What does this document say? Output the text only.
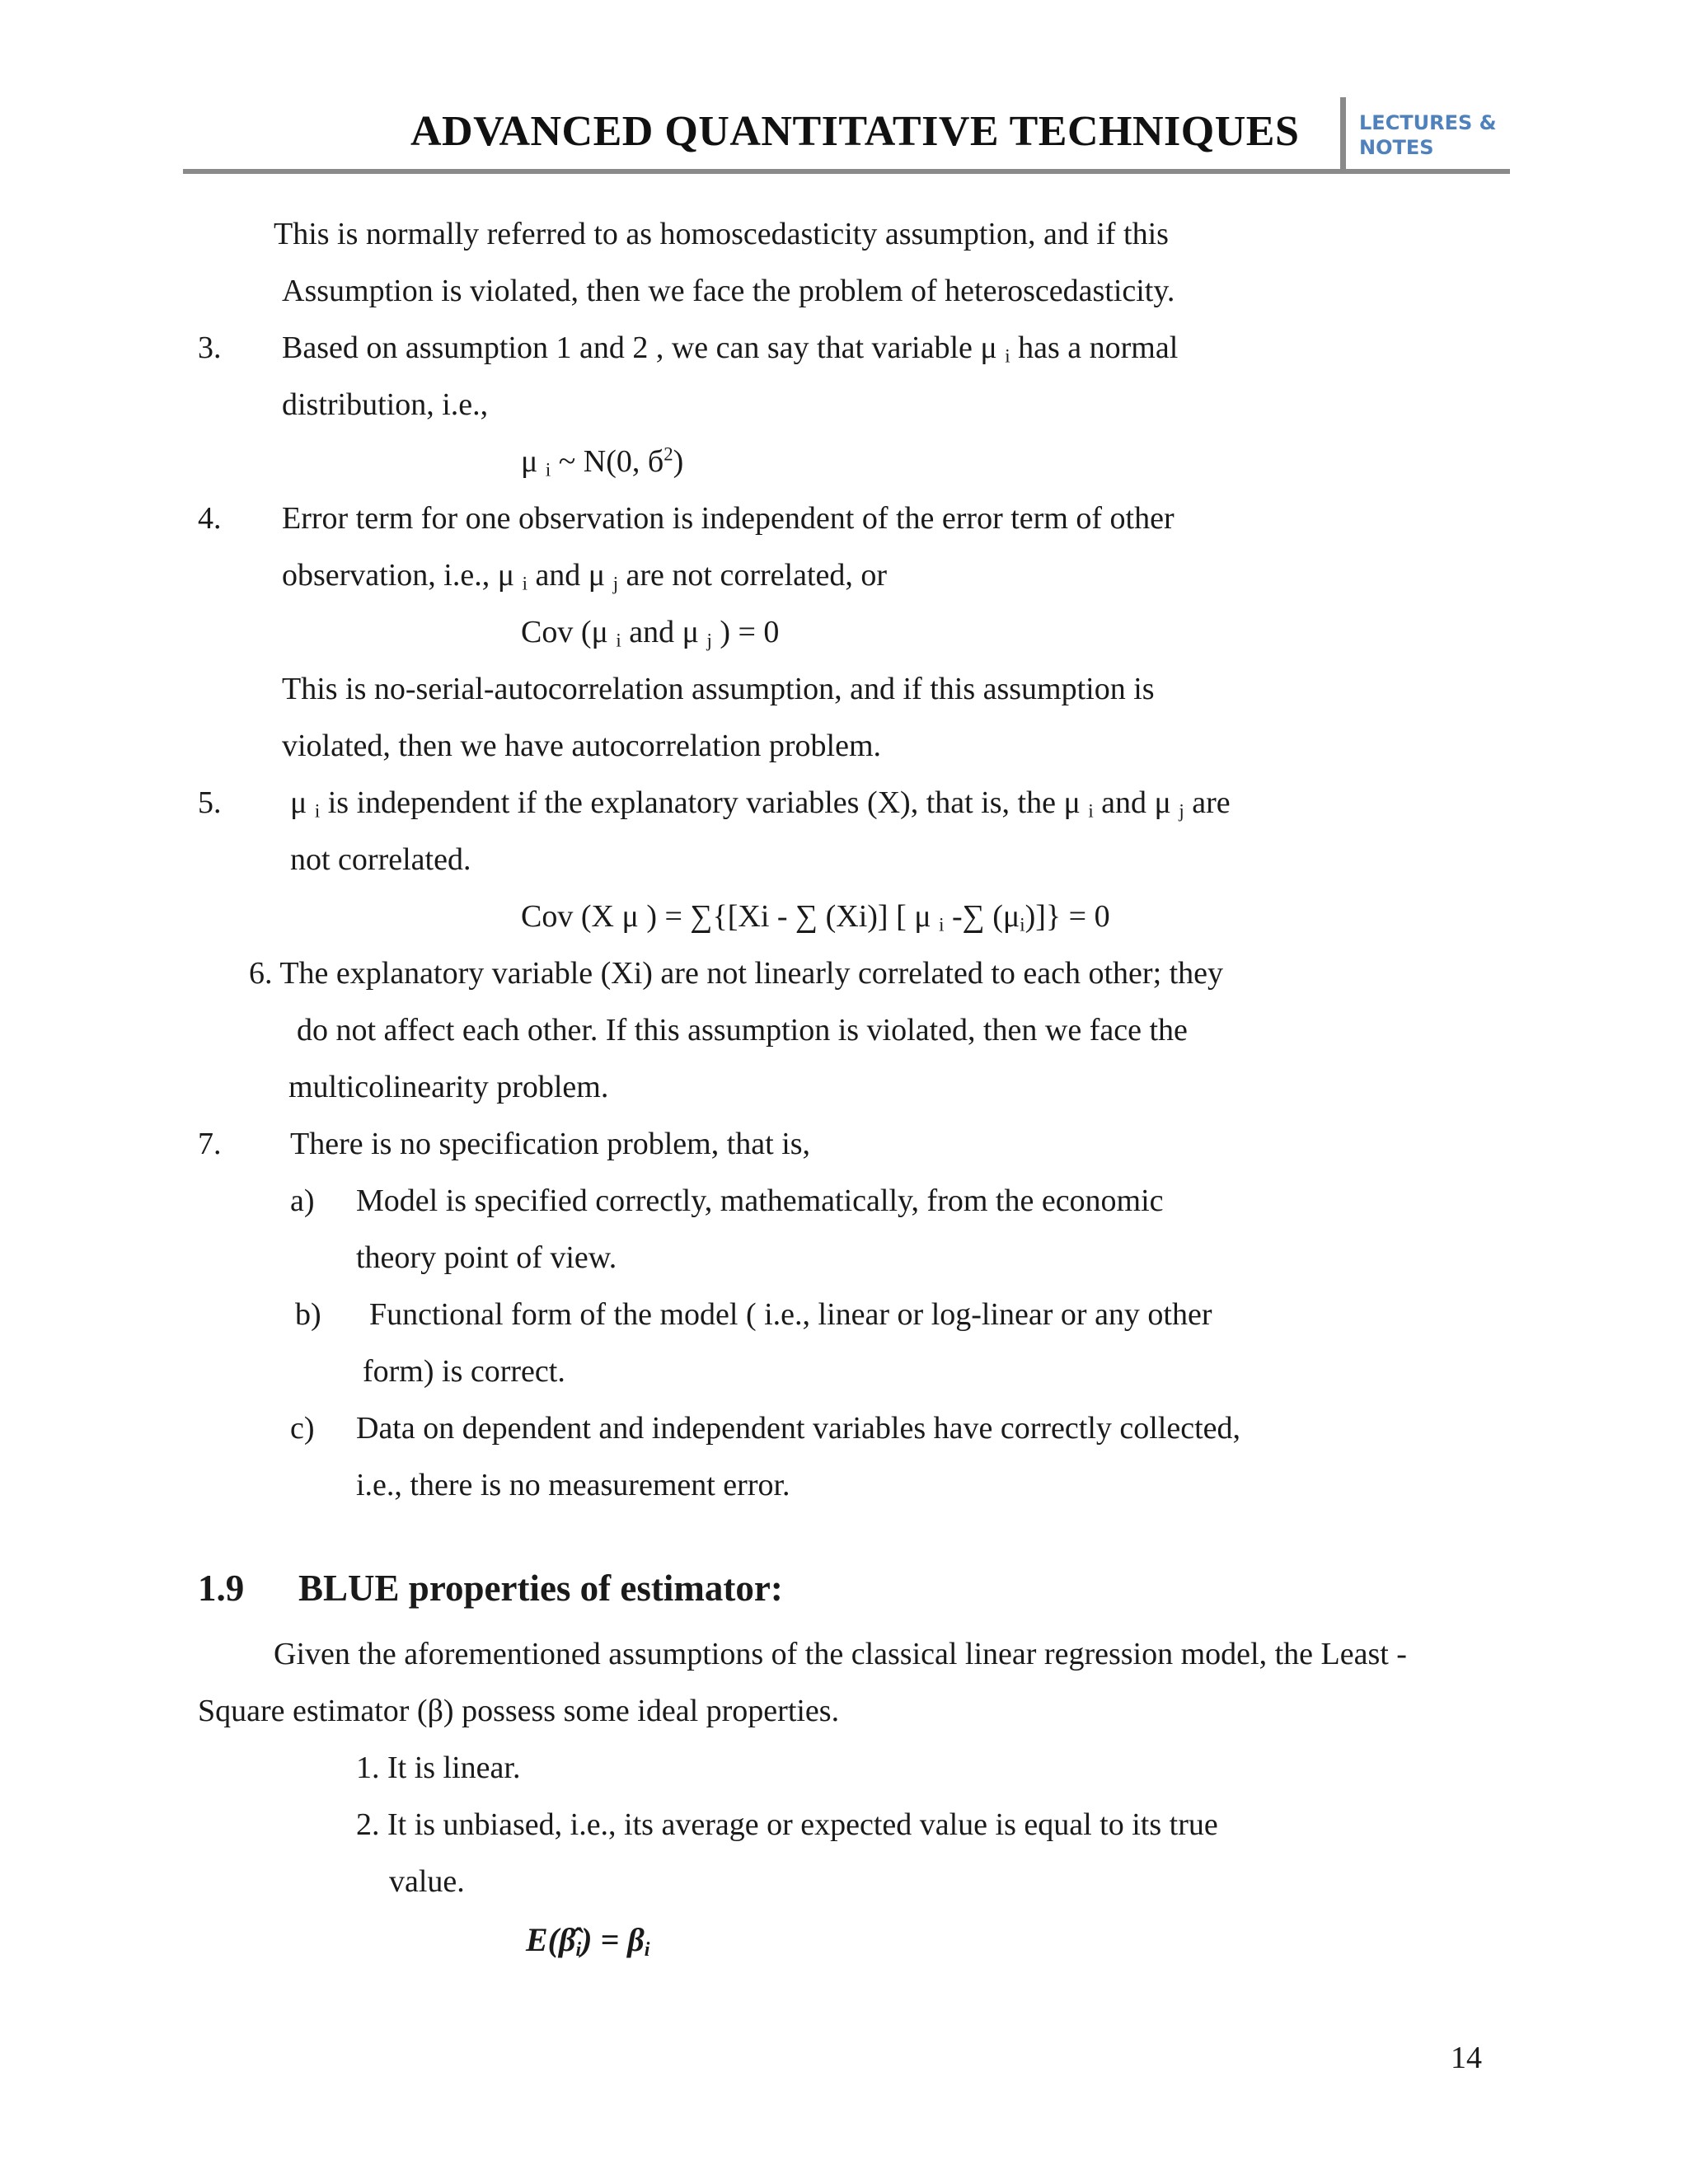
ADVANCED QUANTITATIVE TECHNIQUES	LECTURES &
NOTES
This is normally referred to as homoscedasticity assumption, and if this
Assumption is violated, then we face the problem of heteroscedasticity.
3. Based on assumption 1 and 2 , we can say that variable μ $_i$ has a normal
distribution, i.e.,
μ $_i$ ~ N(0, $б^2$)
4. Error term for one observation is independent of the error term of other
observation, i.e., μ $_i$ and μ $_j$ are not correlated, or
Cov (μ $_i$ and μ $_j$ ) = 0
This is no-serial-autocorrelation assumption, and if this assumption is
violated, then we have autocorrelation problem.
5. μ $_i$ is independent if the explanatory variables (X), that is, the μ $_i$ and μ $_j$ are
not correlated.
Cov (X μ ) = ∑{[Xi - ∑ (Xi)] [ μ $_i$ -∑ $(\mu_i)]\} = 0$
6. The explanatory variable (Xi) are not linearly correlated to each other; they
do not affect each other. If this assumption is violated, then we face the
multicolinearity problem.
7. There is no specification problem, that is,
a) Model is specified correctly, mathematically, from the economic
theory point of view.
b) Functional form of the model ( i.e., linear or log-linear or any other
form) is correct.
c) Data on dependent and independent variables have correctly collected,
i.e., there is no measurement error.
1.9 BLUE properties of estimator:
Given the aforementioned assumptions of the classical linear regression model, the Least -
Square estimator (β) possess some ideal properties.
1. It is linear.
2. It is unbiased, i.e., its average or expected value is equal to its true
value.
$E(\betâ_i) = \beta_i$
14
